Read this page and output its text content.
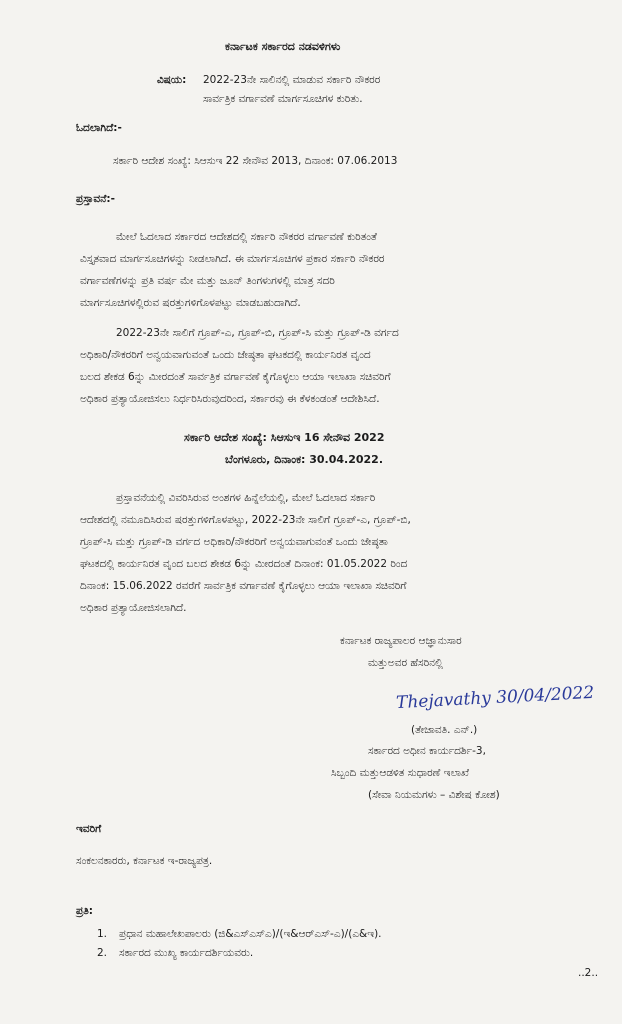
ಕರ್ನಾಟಕ ಸರ್ಕಾರದ ನಡವಳಿಗಳು
ವಿಷಯ: 2022-23ನೇ ಸಾಲಿನಲ್ಲಿ ಮಾಡುವ ಸರ್ಕಾರಿ ನೌಕರರ
ಸಾರ್ವತ್ರಿಕ ವರ್ಗಾವಣೆ ಮಾರ್ಗಸೂಚಿಗಳ ಕುರಿತು.
ಓದಲಾಗಿದೆ:-
ಸರ್ಕಾರಿ ಆದೇಶ ಸಂಖ್ಯೆ: ಸಿಆಸುಇ 22 ಸೇನೌವ 2013, ದಿನಾಂಕ: 07.06.2013
ಪ್ರಸ್ತಾವನೆ:-
ಮೇಲೆ ಓದಲಾದ ಸರ್ಕಾರದ ಆದೇಶದಲ್ಲಿ ಸರ್ಕಾರಿ ನೌಕರರ ವರ್ಗಾವಣೆ ಕುರಿತಂತೆ
ವಿಸ್ತೃತವಾದ ಮಾರ್ಗಸೂಚಿಗಳನ್ನು ನೀಡಲಾಗಿದೆ. ಈ ಮಾರ್ಗಸೂಚಿಗಳ ಪ್ರಕಾರ ಸರ್ಕಾರಿ ನೌಕರರ
ವರ್ಗಾವಣೆಗಳನ್ನು ಪ್ರತಿ ವರ್ಷ ಮೇ ಮತ್ತು ಜೂನ್ ತಿಂಗಳುಗಳಲ್ಲಿ ಮಾತ್ರ ಸದರಿ
ಮಾರ್ಗಸೂಚಿಗಳಲ್ಲಿರುವ ಷರತ್ತುಗಳಿಗೊಳಪಟ್ಟು ಮಾಡಬಹುದಾಗಿದೆ.
2022-23ನೇ ಸಾಲಿಗೆ ಗ್ರೂಪ್-ಎ, ಗ್ರೂಪ್-ಬಿ, ಗ್ರೂಪ್-ಸಿ ಮತ್ತು ಗ್ರೂಪ್-ಡಿ ವರ್ಗದ
ಅಧಿಕಾರಿ/ನೌಕರರಿಗೆ ಅನ್ವಯವಾಗುವಂತೆ ಒಂದು ಜೇಷ್ಠತಾ ಘಟಕದಲ್ಲಿ ಕಾರ್ಯನಿರತ ವೃಂದ
ಬಲದ ಶೇಕಡ 6ನ್ನು ಮೀರದಂತೆ ಸಾರ್ವತ್ರಿಕ ವರ್ಗಾವಣೆ ಕೈಗೊಳ್ಳಲು ಆಯಾ ಇಲಾಖಾ ಸಚಿವರಿಗೆ
ಅಧಿಕಾರ ಪ್ರತ್ಯಾಯೋಜಿಸಲು ನಿರ್ಧರಿಸಿರುವುದರಿಂದ, ಸರ್ಕಾರವು ಈ ಕೆಳಕಂಡಂತೆ ಆದೇಶಿಸಿದೆ.
ಸರ್ಕಾರಿ ಆದೇಶ ಸಂಖ್ಯೆ: ಸಿಆಸುಇ 16 ಸೇನೌವ 2022
ಬೆಂಗಳೂರು, ದಿನಾಂಕ: 30.04.2022.
ಪ್ರಸ್ತಾವನೆಯಲ್ಲಿ ವಿವರಿಸಿರುವ ಅಂಶಗಳ ಹಿನ್ನೆಲೆಯಲ್ಲಿ, ಮೇಲೆ ಓದಲಾದ ಸರ್ಕಾರಿ
ಆದೇಶದಲ್ಲಿ ನಮೂದಿಸಿರುವ ಷರತ್ತುಗಳಿಗೊಳಪಟ್ಟು, 2022-23ನೇ ಸಾಲಿಗೆ ಗ್ರೂಪ್-ಎ, ಗ್ರೂಪ್-ಬಿ,
ಗ್ರೂಪ್-ಸಿ ಮತ್ತು ಗ್ರೂಪ್-ಡಿ ವರ್ಗದ ಅಧಿಕಾರಿ/ನೌಕರರಿಗೆ ಅನ್ವಯವಾಗುವಂತೆ ಒಂದು ಜೇಷ್ಠತಾ
ಘಟಕದಲ್ಲಿ ಕಾರ್ಯನಿರತ ವೃಂದ ಬಲದ ಶೇಕಡ 6ನ್ನು ಮೀರದಂತೆ ದಿನಾಂಕ: 01.05.2022 ರಿಂದ
ದಿನಾಂಕ: 15.06.2022 ರವರೆಗೆ ಸಾರ್ವತ್ರಿಕ ವರ್ಗಾವಣೆ ಕೈಗೊಳ್ಳಲು ಆಯಾ ಇಲಾಖಾ ಸಚಿವರಿಗೆ
ಅಧಿಕಾರ ಪ್ರತ್ಯಾಯೋಜಿಸಲಾಗಿದೆ.
ಕರ್ನಾಟಕ ರಾಜ್ಯಪಾಲರ ಆಜ್ಞಾನುಸಾರ
ಮತ್ತುಅವರ ಹೆಸರಿನಲ್ಲಿ
Thejavathy 30/04/2022
(ತೇಜಾವತಿ. ಎನ್.)
ಸರ್ಕಾರದ ಅಧೀನ ಕಾರ್ಯದರ್ಶಿ-3,
ಸಿಬ್ಬಂದಿ ಮತ್ತುಆಡಳಿತ ಸುಧಾರಣೆ ಇಲಾಖೆ
(ಸೇವಾ ನಿಯಮಗಳು – ವಿಶೇಷ ಕೋಶ)
ಇವರಿಗೆ
ಸಂಕಲನಕಾರರು, ಕರ್ನಾಟಕ ಇ-ರಾಜ್ಯಪತ್ರ.
ಪ್ರತಿ:
1. ಪ್ರಧಾನ ಮಹಾಲೇಖಪಾಲರು (ಜಿ&ಎಸ್‌ಎಸ್‌ಎ)/(ಇ&ಆರ್‌ಎಸ್‌-ಎ)/(ಎ&ಇ).
2. ಸರ್ಕಾರದ ಮುಖ್ಯ ಕಾರ್ಯದರ್ಶಿಯವರು.
..2..
